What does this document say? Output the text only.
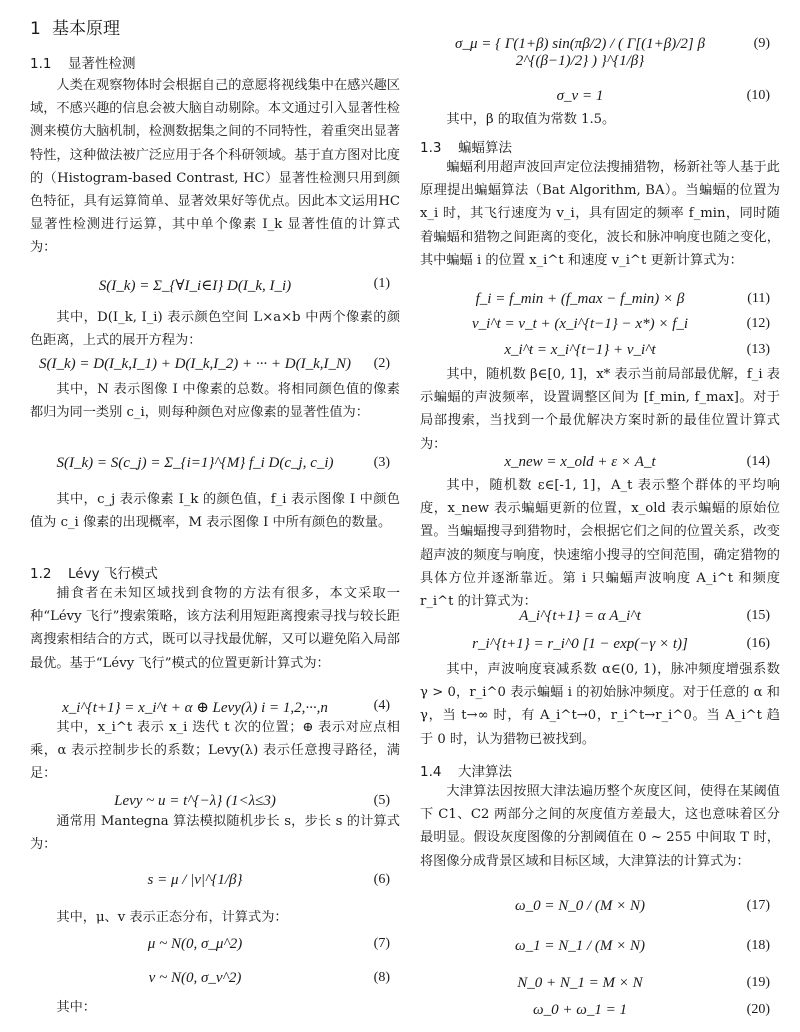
1 基本原理
1.1 显著性检测

人类在观察物体时会根据自己的意愿将视线集中在感兴趣区域，不感兴趣的信息会被大脑自动剔除。本文通过引入显著性检测来模仿大脑机制，检测数据集之间的不同特性，着重突出显著特性，这种做法被广泛应用于各个科研领域。基于直方图对比度的（Histogram-based Contrast, HC）显著性检测只用到颜色特征，具有运算简单、显著效果好等优点。因此本文运用HC显著性检测进行运算，其中单个像素 I_k 显著性值的计算式为：

S(I_k) = Σ_{∀I_i∈I} D(I_k, I_i)	(1)

其中，D(I_k, I_i) 表示颜色空间 L×a×b 中两个像素的颜色距离，上式的展开方程为：

S(I_k) = D(I_k,I_1) + D(I_k,I_2) + ··· + D(I_k,I_N)	(2)

其中，N 表示图像 I 中像素的总数。将相同颜色值的像素都归为同一类别 c_i，则每种颜色对应像素的显著性值为：

S(I_k) = S(c_j) = Σ_{i=1}^{M} f_i D(c_j, c_i)	(3)

其中，c_j 表示像素 I_k 的颜色值，f_i 表示图像 I 中颜色值为 c_i 像素的出现概率，M 表示图像 I 中所有颜色的数量。

1.2 Lévy 飞行模式

捕食者在未知区域找到食物的方法有很多，本文采取一种“Lévy 飞行”搜索策略，该方法利用短距离搜索寻找与较长距离搜索相结合的方式，既可以寻找最优解，又可以避免陷入局部最优。基于“Lévy 飞行”模式的位置更新计算式为：

x_i^{t+1} = x_i^t + α ⊕ Levy(λ) i = 1,2,···,n	(4)

其中，x_i^t 表示 x_i 迭代 t 次的位置；⊕ 表示对应点相乘，α 表示控制步长的系数；Levy(λ) 表示任意搜寻路径，满足：

Levy ~ u = t^{−λ} (1<λ≤3)	(5)

通常用 Mantegna 算法模拟随机步长 s，步长 s 的计算式为：

s = μ / |v|^{1/β}	(6)

其中，μ、v 表示正态分布，计算式为：

μ ~ N(0, σ_μ^2)	(7)
v ~ N(0, σ_v^2)	(8)

其中：

σ_μ = { Γ(1+β) sin(πβ/2) / ( Γ[(1+β)/2] β 2^{(β−1)/2} ) }^{1/β}
(9)
σ_v = 1	(10)

其中，β 的取值为常数 1.5。

1.3 蝙蝠算法

蝙蝠利用超声波回声定位法搜捕猎物，杨新社等人基于此原理提出蝙蝠算法（Bat Algorithm, BA）。当蝙蝠的位置为 x_i 时，其飞行速度为 v_i，具有固定的频率 f_min，同时随着蝙蝠和猎物之间距离的变化，波长和脉冲响度也随之变化，其中蝙蝠 i 的位置 x_i^t 和速度 v_i^t 更新计算式为：

f_i = f_min + (f_max − f_min) × β	(11)
v_i^t = v_t + (x_i^{t−1} − x*) × f_i	(12)
x_i^t = x_i^{t−1} + v_i^t	(13)

其中，随机数 β∈[0, 1]，x* 表示当前局部最优解，f_i 表示蝙蝠的声波频率，设置调整区间为 [f_min, f_max]。对于局部搜索，当找到一个最优解决方案时新的最佳位置计算式为：

x_new = x_old + ε × A_t	(14)

其中，随机数 ε∈[-1, 1]，A_t 表示整个群体的平均响度，x_new 表示蝙蝠更新的位置，x_old 表示蝙蝠的原始位置。当蝙蝠搜寻到猎物时，会根据它们之间的位置关系，改变超声波的频度与响度，快速缩小搜寻的空间范围，确定猎物的具体方位并逐渐靠近。第 i 只蝙蝠声波响度 A_i^t 和频度 r_i^t 的计算式为：

A_i^{t+1} = α A_i^t	(15)
r_i^{t+1} = r_i^0 [1 − exp(−γ × t)]	(16)

其中，声波响度衰减系数 α∈(0, 1)，脉冲频度增强系数 γ > 0，r_i^0 表示蝙蝠 i 的初始脉冲频度。对于任意的 α 和 γ，当 t→∞ 时，有 A_i^t→0，r_i^t→r_i^0。当 A_i^t 趋于 0 时，认为猎物已被找到。

1.4 大津算法

大津算法因按照大津法遍历整个灰度区间，使得在某阈值下 C1、C2 两部分之间的灰度值方差最大，这也意味着区分最明显。假设灰度图像的分割阈值在 0 ~ 255 中间取 T 时，将图像分成背景区域和目标区域，大津算法的计算式为：

ω_0 = N_0 / (M × N)	(17)
ω_1 = N_1 / (M × N)	(18)
N_0 + N_1 = M × N	(19)
ω_0 + ω_1 = 1	(20)
